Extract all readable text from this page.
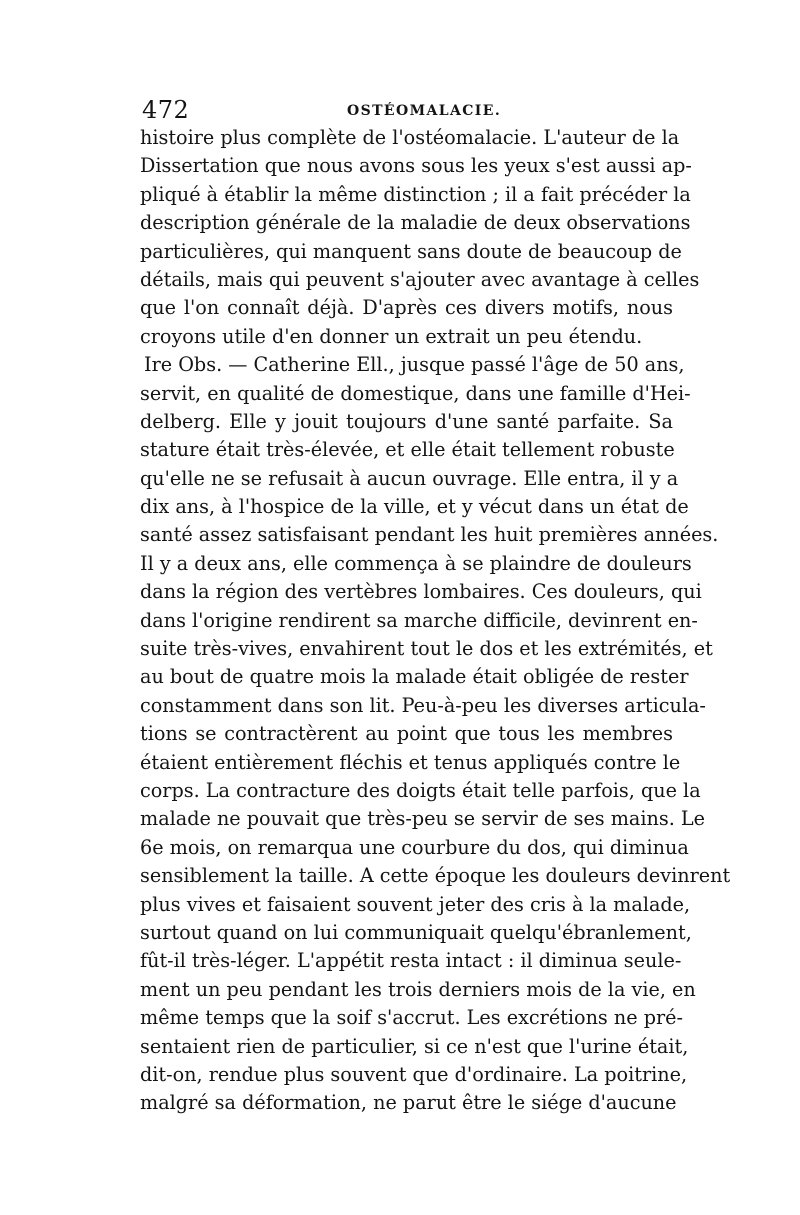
472	OSTÉOMALACIE.
histoire plus complète de l'ostéomalacie. L'auteur de la
Dissertation que nous avons sous les yeux s'est aussi ap-
pliqué à établir la même distinction ; il a fait précéder la
description générale de la maladie de deux observations
particulières, qui manquent sans doute de beaucoup de
détails, mais qui peuvent s'ajouter avec avantage à celles
que l'on connaît déjà. D'après ces divers motifs, nous
croyons utile d'en donner un extrait un peu étendu.
Ire Obs. — Catherine Ell., jusque passé l'âge de 50 ans,
servit, en qualité de domestique, dans une famille d'Hei-
delberg. Elle y jouit toujours d'une santé parfaite. Sa
stature était très-élevée, et elle était tellement robuste
qu'elle ne se refusait à aucun ouvrage. Elle entra, il y a
dix ans, à l'hospice de la ville, et y vécut dans un état de
santé assez satisfaisant pendant les huit premières années.
Il y a deux ans, elle commença à se plaindre de douleurs
dans la région des vertèbres lombaires. Ces douleurs, qui
dans l'origine rendirent sa marche difficile, devinrent en-
suite très-vives, envahirent tout le dos et les extrémités, et
au bout de quatre mois la malade était obligée de rester
constamment dans son lit. Peu-à-peu les diverses articula-
tions se contractèrent au point que tous les membres
étaient entièrement fléchis et tenus appliqués contre le
corps. La contracture des doigts était telle parfois, que la
malade ne pouvait que très-peu se servir de ses mains. Le
6e mois, on remarqua une courbure du dos, qui diminua
sensiblement la taille. A cette époque les douleurs devinrent
plus vives et faisaient souvent jeter des cris à la malade,
surtout quand on lui communiquait quelqu'ébranlement,
fût-il très-léger. L'appétit resta intact : il diminua seule-
ment un peu pendant les trois derniers mois de la vie, en
même temps que la soif s'accrut. Les excrétions ne pré-
sentaient rien de particulier, si ce n'est que l'urine était,
dit-on, rendue plus souvent que d'ordinaire. La poitrine,
malgré sa déformation, ne parut être le siége d'aucune
